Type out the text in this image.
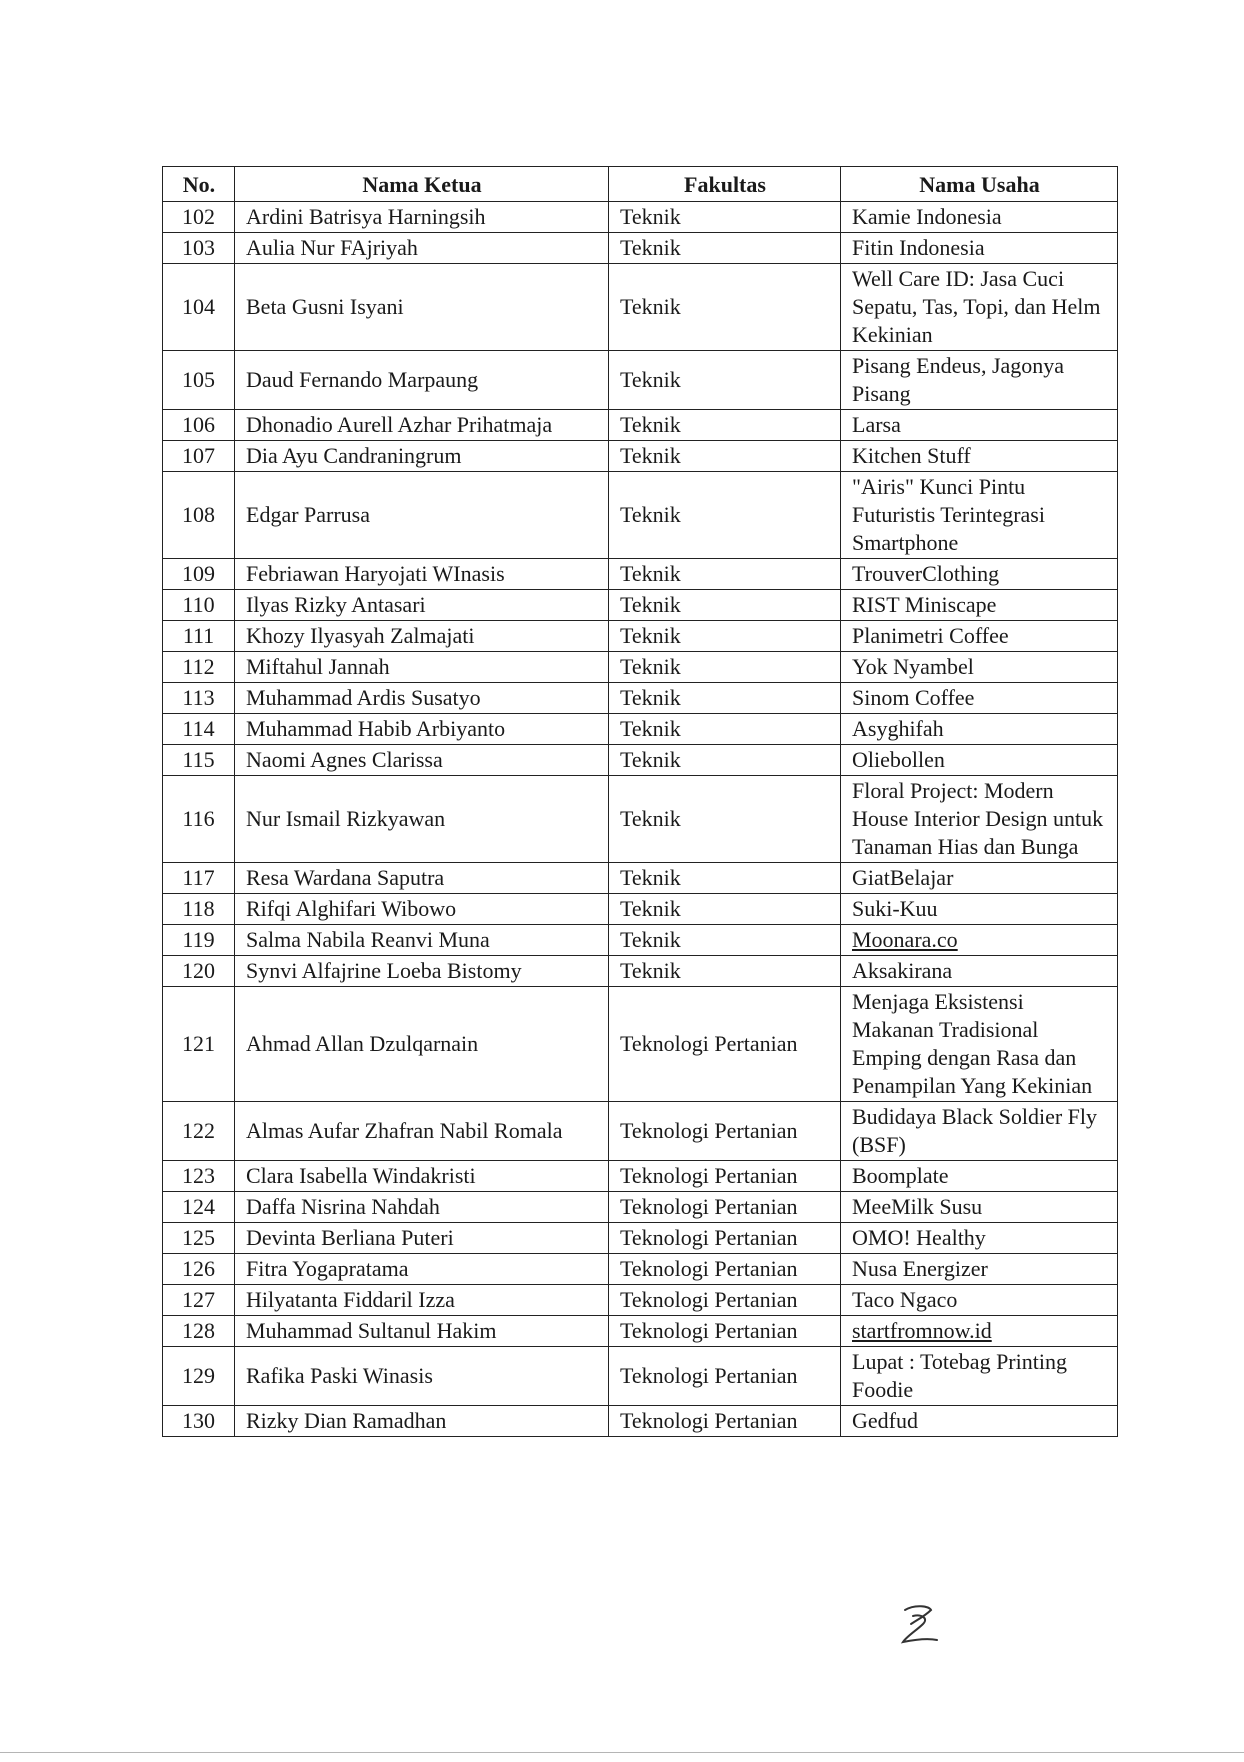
No.	Nama Ketua	Fakultas	Nama Usaha
102	Ardini Batrisya Harningsih	Teknik	Kamie Indonesia
103	Aulia Nur FAjriyah	Teknik	Fitin Indonesia
104	Beta Gusni Isyani	Teknik	Well Care ID: Jasa Cuci Sepatu, Tas, Topi, dan Helm Kekinian
105	Daud Fernando Marpaung	Teknik	Pisang Endeus, Jagonya Pisang
106	Dhonadio Aurell Azhar Prihatmaja	Teknik	Larsa
107	Dia Ayu Candraningrum	Teknik	Kitchen Stuff
108	Edgar Parrusa	Teknik	"Airis" Kunci Pintu Futuristis Terintegrasi Smartphone
109	Febriawan Haryojati WInasis	Teknik	TrouverClothing
110	Ilyas Rizky Antasari	Teknik	RIST Miniscape
111	Khozy Ilyasyah Zalmajati	Teknik	Planimetri Coffee
112	Miftahul Jannah	Teknik	Yok Nyambel
113	Muhammad Ardis Susatyo	Teknik	Sinom Coffee
114	Muhammad Habib Arbiyanto	Teknik	Asyghifah
115	Naomi Agnes Clarissa	Teknik	Oliebollen
116	Nur Ismail Rizkyawan	Teknik	Floral Project: Modern House Interior Design untuk Tanaman Hias dan Bunga
117	Resa Wardana Saputra	Teknik	GiatBelajar
118	Rifqi Alghifari Wibowo	Teknik	Suki-Kuu
119	Salma Nabila Reanvi Muna	Teknik	Moonara.co
120	Synvi Alfajrine Loeba Bistomy	Teknik	Aksakirana
121	Ahmad Allan Dzulqarnain	Teknologi Pertanian	Menjaga Eksistensi Makanan Tradisional Emping dengan Rasa dan Penampilan Yang Kekinian
122	Almas Aufar Zhafran Nabil Romala	Teknologi Pertanian	Budidaya Black Soldier Fly (BSF)
123	Clara Isabella Windakristi	Teknologi Pertanian	Boomplate
124	Daffa Nisrina Nahdah	Teknologi Pertanian	MeeMilk Susu
125	Devinta Berliana Puteri	Teknologi Pertanian	OMO! Healthy
126	Fitra Yogapratama	Teknologi Pertanian	Nusa Energizer
127	Hilyatanta Fiddaril Izza	Teknologi Pertanian	Taco Ngaco
128	Muhammad Sultanul Hakim	Teknologi Pertanian	startfromnow.id
129	Rafika Paski Winasis	Teknologi Pertanian	Lupat : Totebag Printing Foodie
130	Rizky Dian Ramadhan	Teknologi Pertanian	Gedfud
